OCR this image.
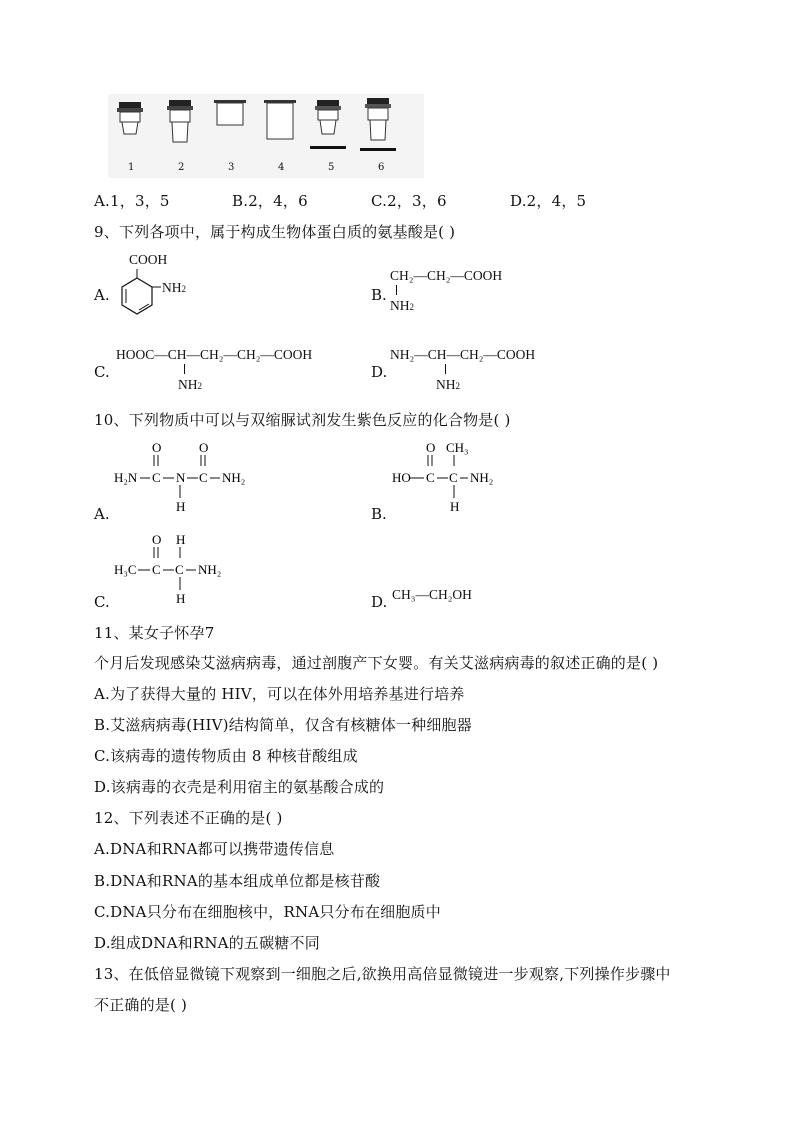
1	2	3	4	5	6
A.1，3，5	B.2，4，6	C.2，3，6	D.2，4，5
9、下列各项中，属于构成生物体蛋白质的氨基酸是( )
A.
COOH
NH2	B.
CH₂—CH₂—COOH
NH2
C.
HOOC—CH—CH₂—CH₂—COOH
NH2
D.
NH₂—CH—CH₂—COOH
NH2
10、下列物质中可以与双缩脲试剂发生紫色反应的化合物是( )
A.
O	O
H₂N C N C NH₂
H	B.
O CH₃
HO C C NH₂
H
C.
O H
H₃C C C NH₂
H	D. CH₃—CH₂OH
11、某女子怀孕7
个月后发现感染艾滋病病毒，通过剖腹产下女婴。有关艾滋病病毒的叙述正确的是( )
A.为了获得大量的 HIV，可以在体外用培养基进行培养
B.艾滋病病毒(HIV)结构简单，仅含有核糖体一种细胞器
C.该病毒的遗传物质由 8 种核苷酸组成
D.该病毒的衣壳是利用宿主的氨基酸合成的
12、下列表述不正确的是( )
A.DNA和RNA都可以携带遗传信息
B.DNA和RNA的基本组成单位都是核苷酸
C.DNA只分布在细胞核中，RNA只分布在细胞质中
D.组成DNA和RNA的五碳糖不同
13、在低倍显微镜下观察到一细胞之后,欲换用高倍显微镜进一步观察,下列操作步骤中
不正确的是( )
